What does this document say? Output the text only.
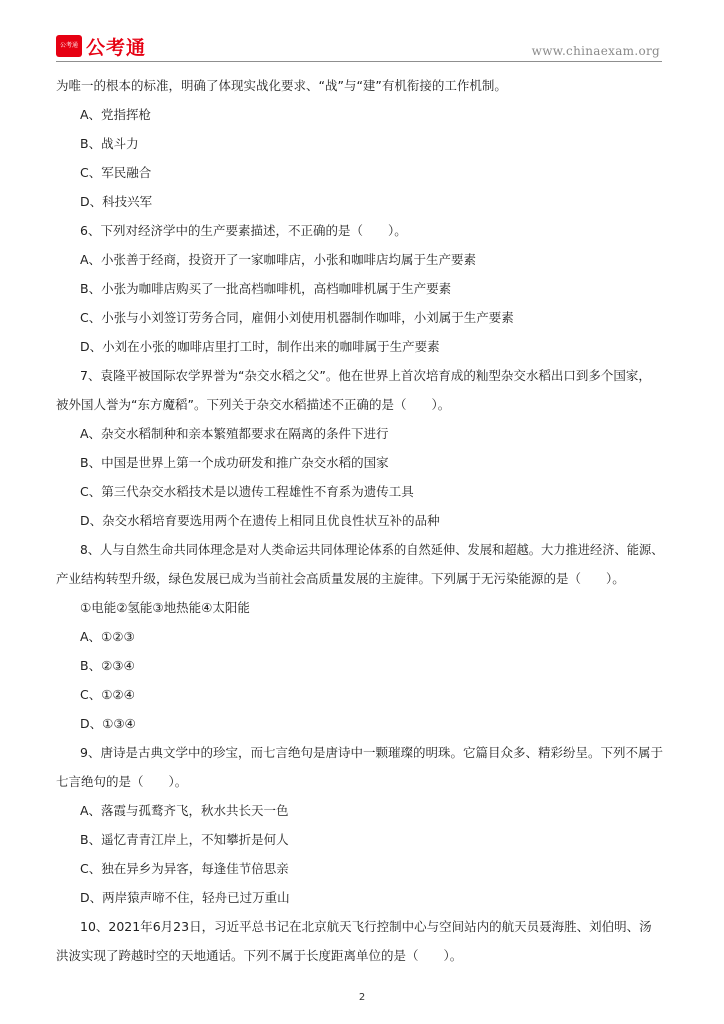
公考通 公考通	www.chinaexam.org
为唯一的根本的标准，明确了体现实战化要求、“战”与“建”有机衔接的工作机制。
A、党指挥枪
B、战斗力
C、军民融合
D、科技兴军
6、下列对经济学中的生产要素描述，不正确的是（　　）。
A、小张善于经商，投资开了一家咖啡店，小张和咖啡店均属于生产要素
B、小张为咖啡店购买了一批高档咖啡机，高档咖啡机属于生产要素
C、小张与小刘签订劳务合同，雇佣小刘使用机器制作咖啡，小刘属于生产要素
D、小刘在小张的咖啡店里打工时，制作出来的咖啡属于生产要素
7、袁隆平被国际农学界誉为“杂交水稻之父”。他在世界上首次培育成的籼型杂交水稻出口到多个国家，
被外国人誉为“东方魔稻”。下列关于杂交水稻描述不正确的是（　　）。
A、杂交水稻制种和亲本繁殖都要求在隔离的条件下进行
B、中国是世界上第一个成功研发和推广杂交水稻的国家
C、第三代杂交水稻技术是以遗传工程雄性不育系为遗传工具
D、杂交水稻培育要选用两个在遗传上相同且优良性状互补的品种
8、人与自然生命共同体理念是对人类命运共同体理论体系的自然延伸、发展和超越。大力推进经济、能源、
产业结构转型升级，绿色发展已成为当前社会高质量发展的主旋律。下列属于无污染能源的是（　　）。
①电能②氢能③地热能④太阳能
A、①②③
B、②③④
C、①②④
D、①③④
9、唐诗是古典文学中的珍宝，而七言绝句是唐诗中一颗璀璨的明珠。它篇目众多、精彩纷呈。下列不属于
七言绝句的是（　　）。
A、落霞与孤鹜齐飞，秋水共长天一色
B、遥忆青青江岸上，不知攀折是何人
C、独在异乡为异客，每逢佳节倍思亲
D、两岸猿声啼不住，轻舟已过万重山
10、2021年6月23日，习近平总书记在北京航天飞行控制中心与空间站内的航天员聂海胜、刘伯明、汤
洪波实现了跨越时空的天地通话。下列不属于长度距离单位的是（　　）。
2
